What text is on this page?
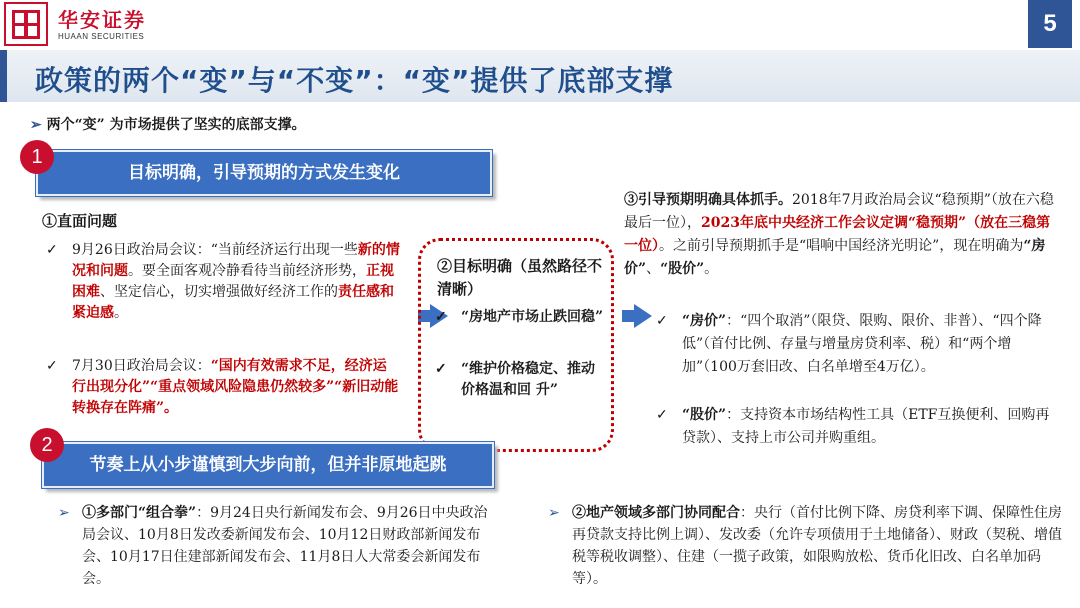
华安证券
HUAAN SECURITIES	5
政策的两个“变”与“不变”：“变”提供了底部支撑
➢ 两个“变” 为市场提供了坚实的底部支撑。
1
目标明确，引导预期的方式发生变化
①直面问题
✓	9月26日政治局会议：“当前经济运行出现一些新的情况和问题。要全面客观冷静看待当前经济形势，正视困难、坚定信心，切实增强做好经济工作的责任感和紧迫感。
✓	7月30日政治局会议：“国内有效需求不足，经济运行出现分化”“重点领域风险隐患仍然较多”“新旧动能转换存在阵痛”。
②目标明确（虽然路径不清晰）
✓	“房地产市场止跌回稳”
✓	“维护价格稳定、推动价格温和回 升”
③引导预期明确具体抓手。2018年7月政治局会议“稳预期”（放在六稳最后一位），2023年底中央经济工作会议定调“稳预期”（放在三稳第一位）。之前引导预期抓手是“唱响中国经济光明论”，现在明确为“房价”、“股价”。
✓	“房价”：“四个取消”（限贷、限购、限价、非普）、“四个降低”（首付比例、存量与增量房贷利率、税）和“两个增加”（100万套旧改、白名单增至4万亿）。
✓	“股价”：支持资本市场结构性工具（ETF互换便利、回购再贷款）、支持上市公司并购重组。
2
节奏上从小步谨慎到大步向前，但并非原地起跳
➢ ①多部门“组合拳”：9月24日央行新闻发布会、9月26日中央政治局会议、10月8日发改委新闻发布会、10月12日财政部新闻发布会、10月17日住建部新闻发布会、11月8日人大常委会新闻发布会。
➢ ②地产领域多部门协同配合：央行（首付比例下降、房贷利率下调、保障性住房再贷款支持比例上调）、发改委（允许专项债用于土地储备）、财政（契税、增值税等税收调整）、住建（一揽子政策，如限购放松、货币化旧改、白名单加码等）。
